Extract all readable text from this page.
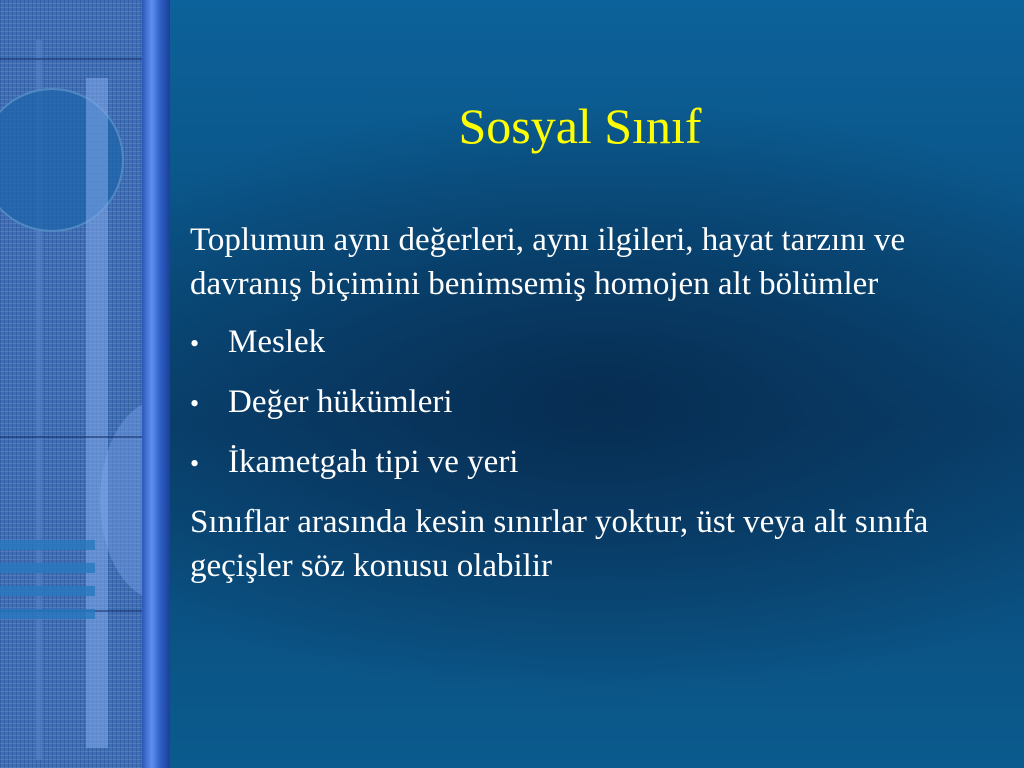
Sosyal Sınıf

Toplumun aynı değerleri, aynı ilgileri, hayat tarzını ve davranış biçimini benimsemiş homojen alt bölümler

• Meslek
• Değer hükümleri
• İkametgah tipi ve yeri

Sınıflar arasında kesin sınırlar yoktur, üst veya alt sınıfa geçişler söz konusu olabilir
